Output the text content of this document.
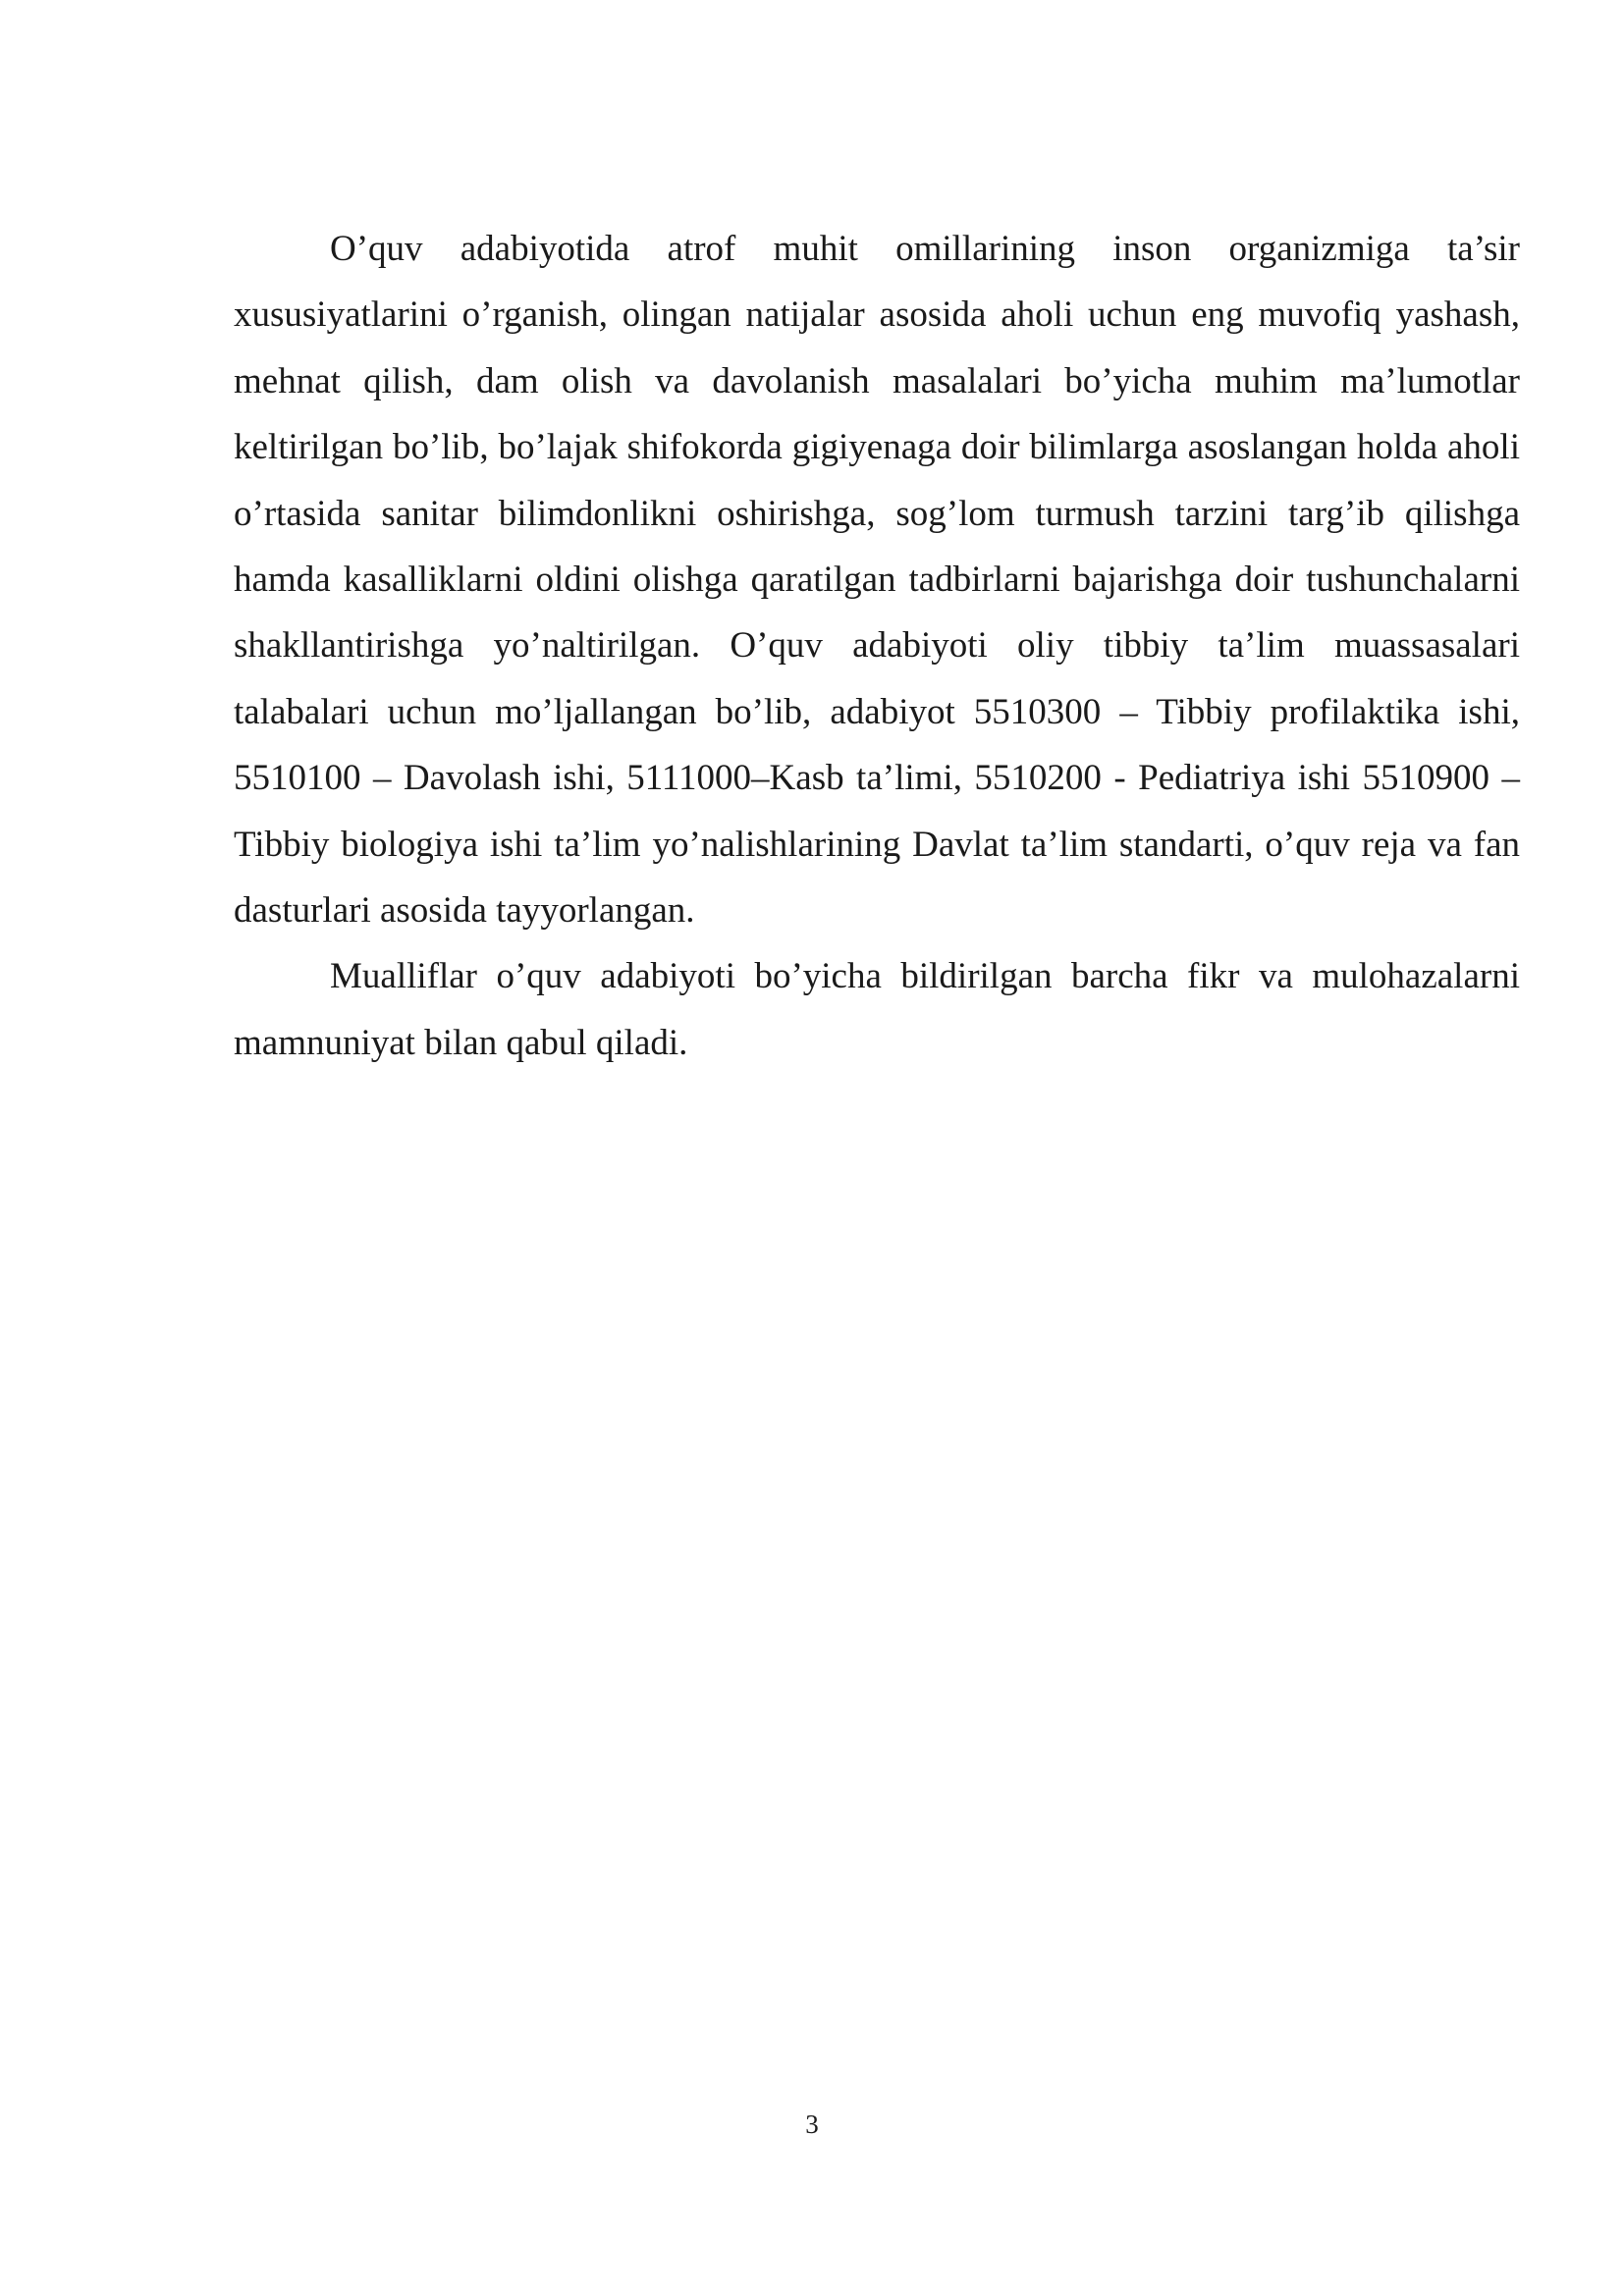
O’quv adabiyotida atrof muhit omillarining inson organizmiga ta’sir xususiyatlarini o’rganish, olingan natijalar asosida aholi uchun eng muvofiq yashash, mehnat qilish, dam olish va davolanish masalalari bo’yicha muhim ma’lumotlar keltirilgan bo’lib, bo’lajak shifokorda gigiyenaga doir bilimlarga asoslangan holda aholi o’rtasida sanitar bilimdonlikni oshirishga, sog’lom turmush tarzini targ’ib qilishga hamda kasalliklarni oldini olishga qaratilgan tadbirlarni bajarishga doir tushunchalarni shakllantirishga yo’naltirilgan. O’quv adabiyoti oliy tibbiy ta’lim muassasalari talabalari uchun mo’ljallangan bo’lib, adabiyot 5510300 – Tibbiy profilaktika ishi, 5510100 – Davolash ishi, 5111000–Kasb ta’limi, 5510200 - Pediatriya ishi 5510900 – Tibbiy biologiya ishi ta’lim yo’nalishlarining Davlat ta’lim standarti, o’quv reja va fan dasturlari asosida tayyorlangan.

Mualliflar o’quv adabiyoti bo’yicha bildirilgan barcha fikr va mulohazalarni mamnuniyat bilan qabul qiladi.

3
